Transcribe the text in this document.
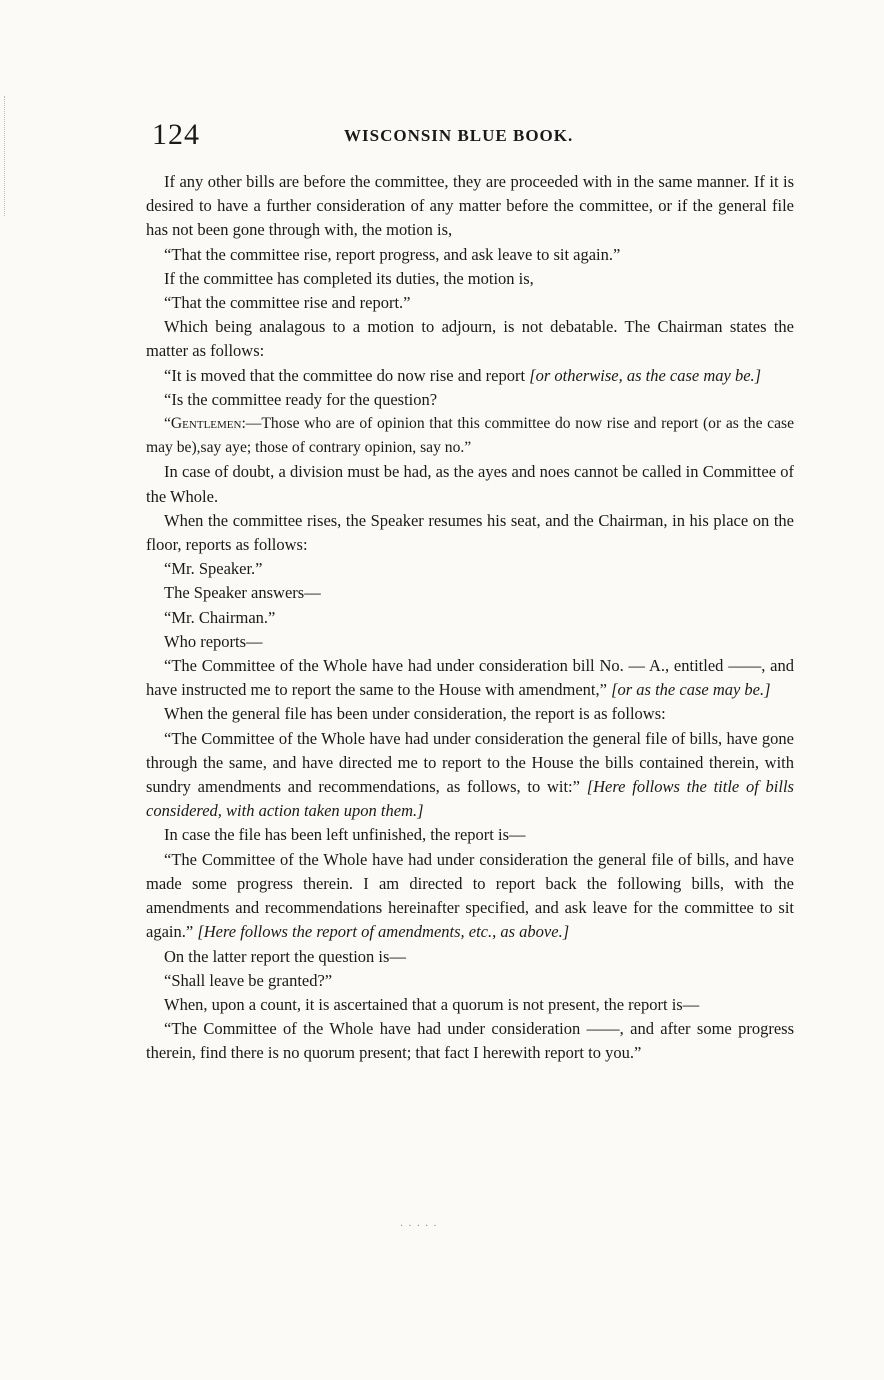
124	WISCONSIN BLUE BOOK.

If any other bills are before the committee, they are proceeded with in the same manner. If it is desired to have a further consideration of any matter before the committee, or if the general file has not been gone through with, the motion is,

“That the committee rise, report progress, and ask leave to sit again.”

If the committee has completed its duties, the motion is,

“That the committee rise and report.”

Which being analagous to a motion to adjourn, is not debatable. The Chairman states the matter as follows:

“It is moved that the committee do now rise and report [or otherwise, as the case may be.]

“Is the committee ready for the question?

“Gentlemen:—Those who are of opinion that this committee do now rise and report (or as the case may be),say aye; those of contrary opinion, say no.”

In case of doubt, a division must be had, as the ayes and noes cannot be called in Committee of the Whole.

When the committee rises, the Speaker resumes his seat, and the Chairman, in his place on the floor, reports as follows:

“Mr. Speaker.”

The Speaker answers—

“Mr. Chairman.”

Who reports—

“The Committee of the Whole have had under consideration bill No. — A., entitled ——, and have instructed me to report the same to the House with amendment,” [or as the case may be.]

When the general file has been under consideration, the report is as follows:

“The Committee of the Whole have had under consideration the general file of bills, have gone through the same, and have directed me to report to the House the bills contained therein, with sundry amendments and recommendations, as follows, to wit:” [Here follows the title of bills considered, with action taken upon them.]

In case the file has been left unfinished, the report is—

“The Committee of the Whole have had under consideration the general file of bills, and have made some progress therein. I am directed to report back the following bills, with the amendments and recommendations hereinafter specified, and ask leave for the committee to sit again.” [Here follows the report of amendments, etc., as above.]

On the latter report the question is—

“Shall leave be granted?”

When, upon a count, it is ascertained that a quorum is not present, the report is—

“The Committee of the Whole have had under consideration ——, and after some progress therein, find there is no quorum present; that fact I herewith report to you.”

. . . . .
